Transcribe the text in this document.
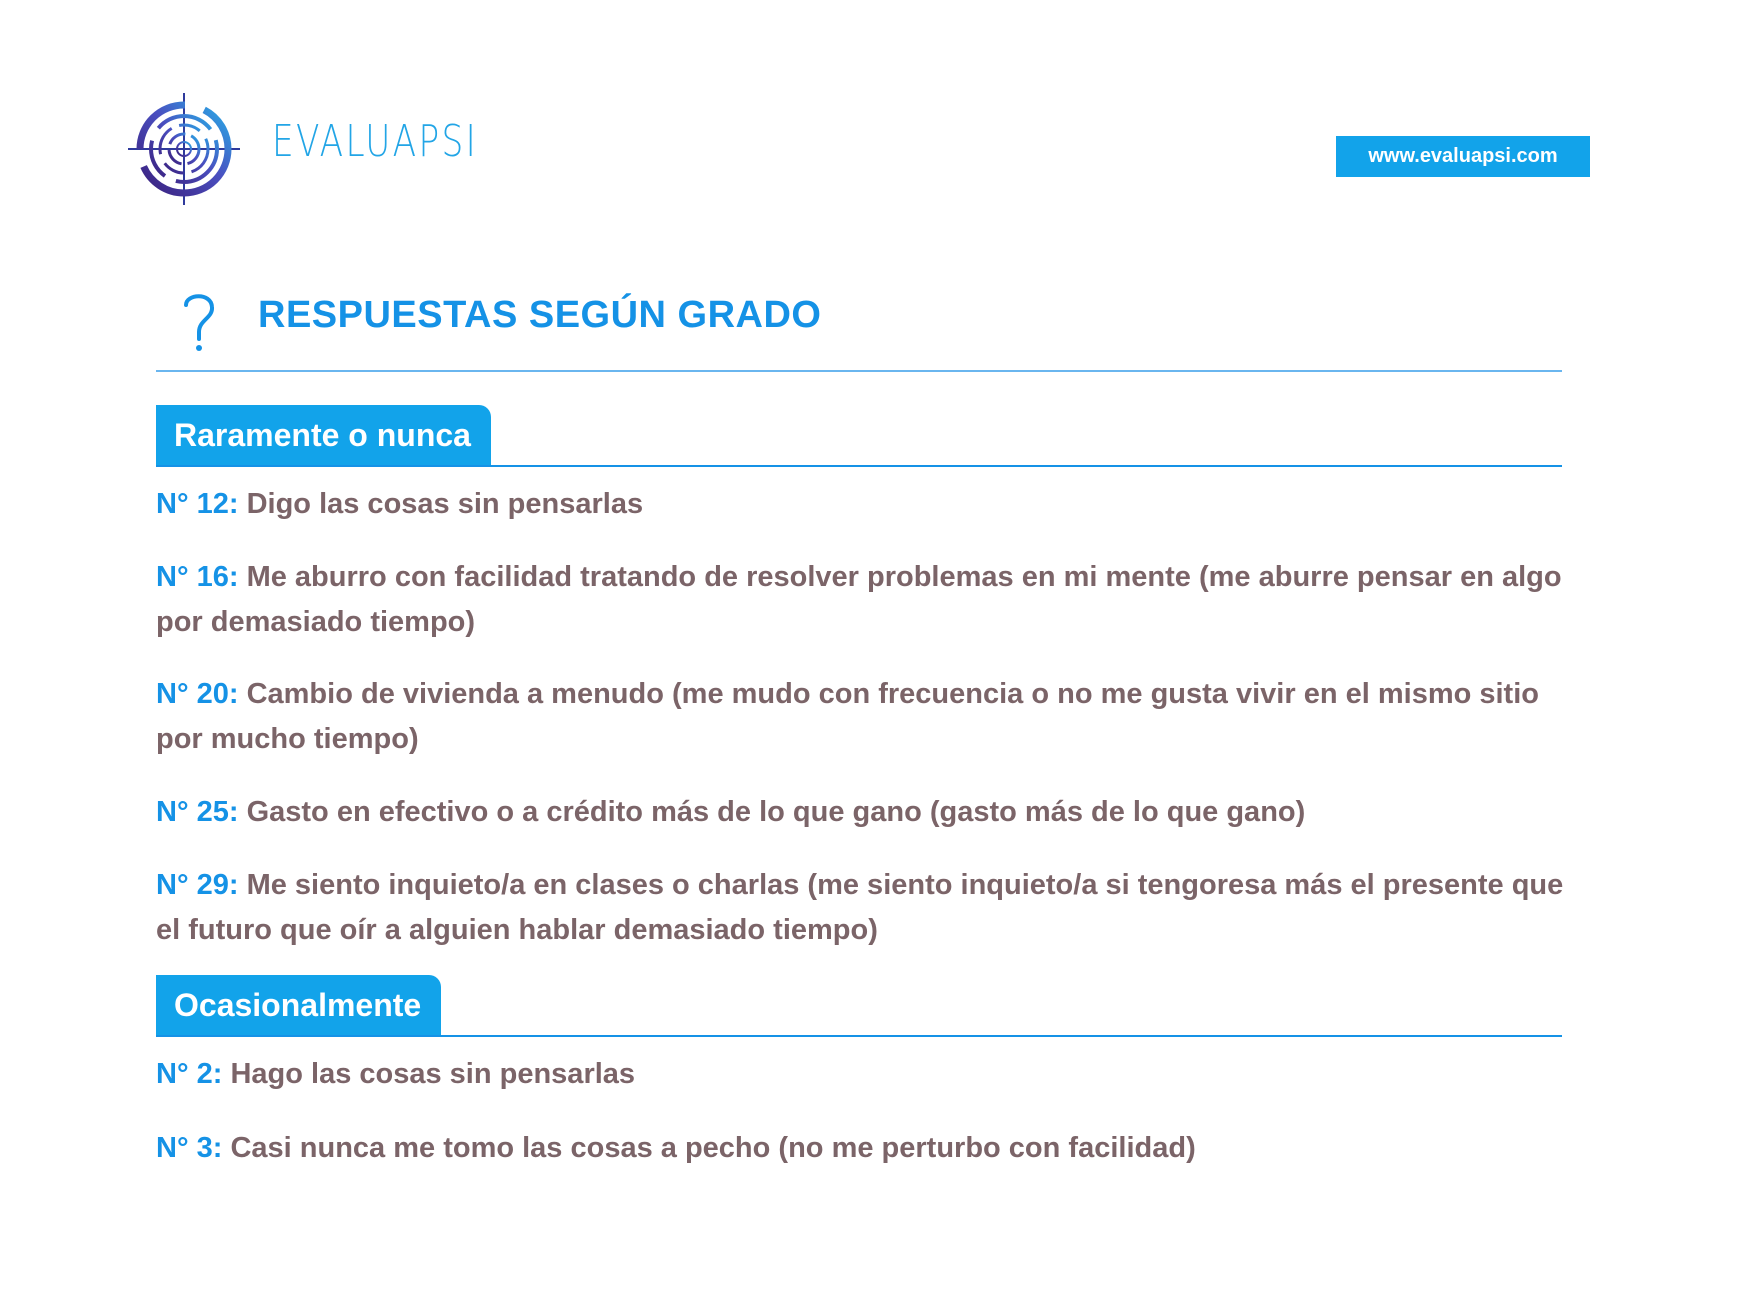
EVALUAPSI	www.evaluapsi.com
RESPUESTAS SEGÚN GRADO
Raramente o nunca
N° 12: Digo las cosas sin pensarlas
N° 16: Me aburro con facilidad tratando de resolver problemas en mi mente (me aburre pensar en algo por demasiado tiempo)
N° 20: Cambio de vivienda a menudo (me mudo con frecuencia o no me gusta vivir en el mismo sitio por mucho tiempo)
N° 25: Gasto en efectivo o a crédito más de lo que gano (gasto más de lo que gano)
N° 29: Me siento inquieto/a en clases o charlas (me siento inquieto/a si tengoresa más el presente que el futuro que oír a alguien hablar demasiado tiempo)
Ocasionalmente
N° 2: Hago las cosas sin pensarlas
N° 3: Casi nunca me tomo las cosas a pecho (no me perturbo con facilidad)
